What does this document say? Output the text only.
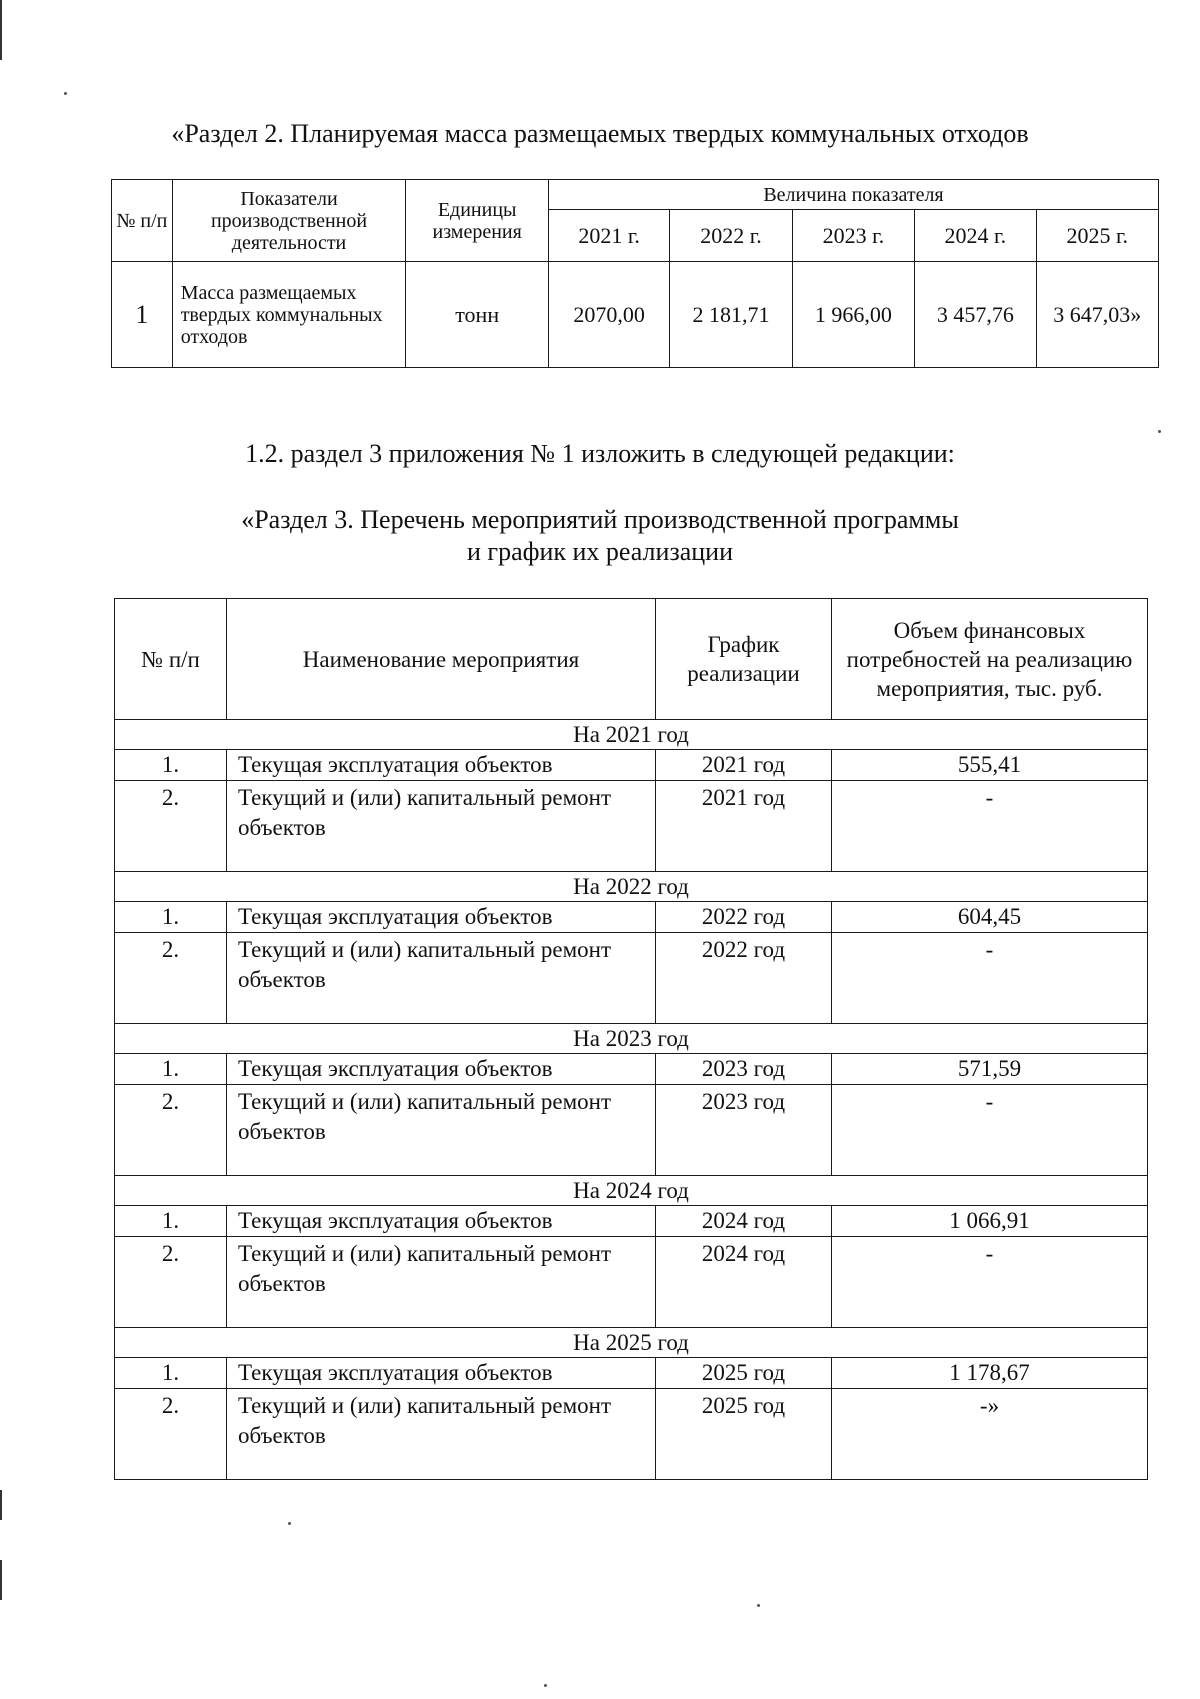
«Раздел 2. Планируемая масса размещаемых твердых коммунальных отходов
№ п/п	Показатели производственной деятельности	Единицы измерения	Величина показателя				
			2021 г.	2022 г.	2023 г.	2024 г.	2025 г.
1	Масса размещаемых твердых коммунальных отходов	тонн	2070,00	2 181,71	1 966,00	3 457,76	3 647,03»

1.2. раздел 3 приложения № 1 изложить в следующей редакции:

«Раздел 3. Перечень мероприятий производственной программы
и график их реализации
№ п/п	Наименование мероприятия	График реализации	Объем финансовых потребностей на реализацию мероприятия, тыс. руб.
На 2021 год			
1.	Текущая эксплуатация объектов	2021 год	555,41
2.	Текущий и (или) капитальный ремонт объектов	2021 год	-
На 2022 год			
1.	Текущая эксплуатация объектов	2022 год	604,45
2.	Текущий и (или) капитальный ремонт объектов	2022 год	-
На 2023 год			
1.	Текущая эксплуатация объектов	2023 год	571,59
2.	Текущий и (или) капитальный ремонт объектов	2023 год	-
На 2024 год			
1.	Текущая эксплуатация объектов	2024 год	1 066,91
2.	Текущий и (или) капитальный ремонт объектов	2024 год	-
На 2025 год			
1.	Текущая эксплуатация объектов	2025 год	1 178,67
2.	Текущий и (или) капитальный ремонт объектов	2025 год	-»
